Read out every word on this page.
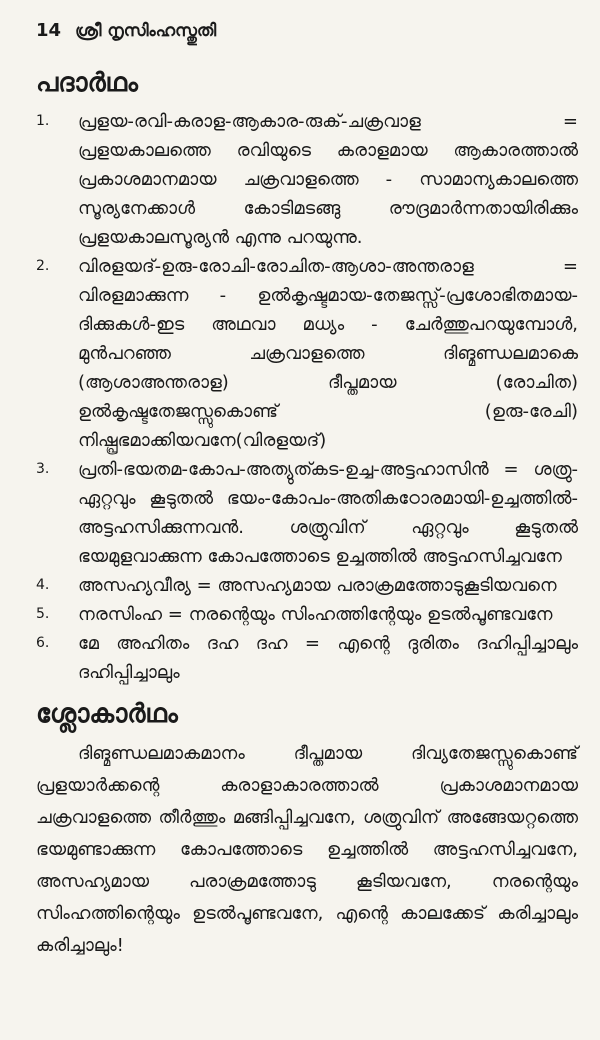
14 ശ്രീ നൃസിംഹസ്തുതി
പദാർഥം
1.	പ്രളയ-രവി-കരാള-ആകാര-രുക്-ചക്രവാള = പ്രളയകാലത്തെ രവിയുടെ കരാളമായ ആകാരത്താൽ പ്രകാശമാനമായ ചക്രവാളത്തെ - സാമാന്യകാലത്തെ സൂര്യനേക്കാൾ കോടിമടങ്ങു രൗദ്രമാർന്നതായിരിക്കും പ്രളയകാലസൂര്യൻ എന്നു പറയുന്നു.
2.	വിരളയദ്-ഉരു-രോചി-രോചിത-ആശാ-അന്തരാള = വിരളമാക്കുന്ന - ഉൽകൃഷ്ടമായ-തേജസ്സ്-പ്രശോഭിതമായ-ദിക്കുകൾ-ഇട അഥവാ മധ്യം - ചേർത്തുപറയുമ്പോൾ, മുൻപറഞ്ഞ ചക്രവാളത്തെ ദിങ്മണ്ഡലമാകെ (ആശാഅന്തരാള) ദീപ്തമായ (രോചിത) ഉൽകൃഷ്ടതേജസ്സുകൊണ്ട് (ഉരു-രേചി) നിഷ്പ്രഭമാക്കിയവനേ(വിരളയദ്)
3.	പ്രതി-ഭയതമ-കോപ-അത്യുത്കട-ഉച്ച-അട്ടഹാസിൻ = ശത്രു- ഏറ്റവും കൂടുതൽ ഭയം-കോപം-അതികഠോരമായി-ഉച്ചത്തിൽ-അട്ടഹസിക്കുന്നവൻ. ശത്രുവിന് ഏറ്റവും കൂടുതൽ ഭയമുളവാക്കുന്ന കോപത്തോടെ ഉച്ചത്തിൽ അട്ടഹസിച്ചവനേ
4.	അസഹ്യവീര്യ = അസഹ്യമായ പരാക്രമത്തോടുകൂടിയവനെ
5.	നരസിംഹ = നരന്റെയും സിംഹത്തിന്റേയും ഉടൽപൂണ്ടവനേ
6.	മേ അഹിതം ദഹ ദഹ = എന്റെ ദുരിതം ദഹിപ്പിച്ചാലും ദഹിപ്പിച്ചാലും
ശ്ലോകാർഥം

ദിങ്മണ്ഡലമാകമാനം ദീപ്തമായ ദിവ്യതേജസ്സുകൊണ്ട് പ്രളയാർക്കന്റെ കരാളാകാരത്താൽ പ്രകാശമാനമായ ചക്രവാളത്തെ തീർത്തും മങ്ങിപ്പിച്ചവനേ, ശത്രുവിന് അങ്ങേയറ്റത്തെ ഭയമുണ്ടാക്കുന്ന കോപത്തോടെ ഉച്ചത്തിൽ അട്ടഹസിച്ചവനേ, അസഹ്യമായ പരാക്രമത്തോടു കൂടിയവനേ, നരന്റെയും സിംഹത്തിന്റെയും ഉടൽപൂണ്ടവനേ, എന്റെ കാലക്കേട് കരിച്ചാലും കരിച്ചാലും!
